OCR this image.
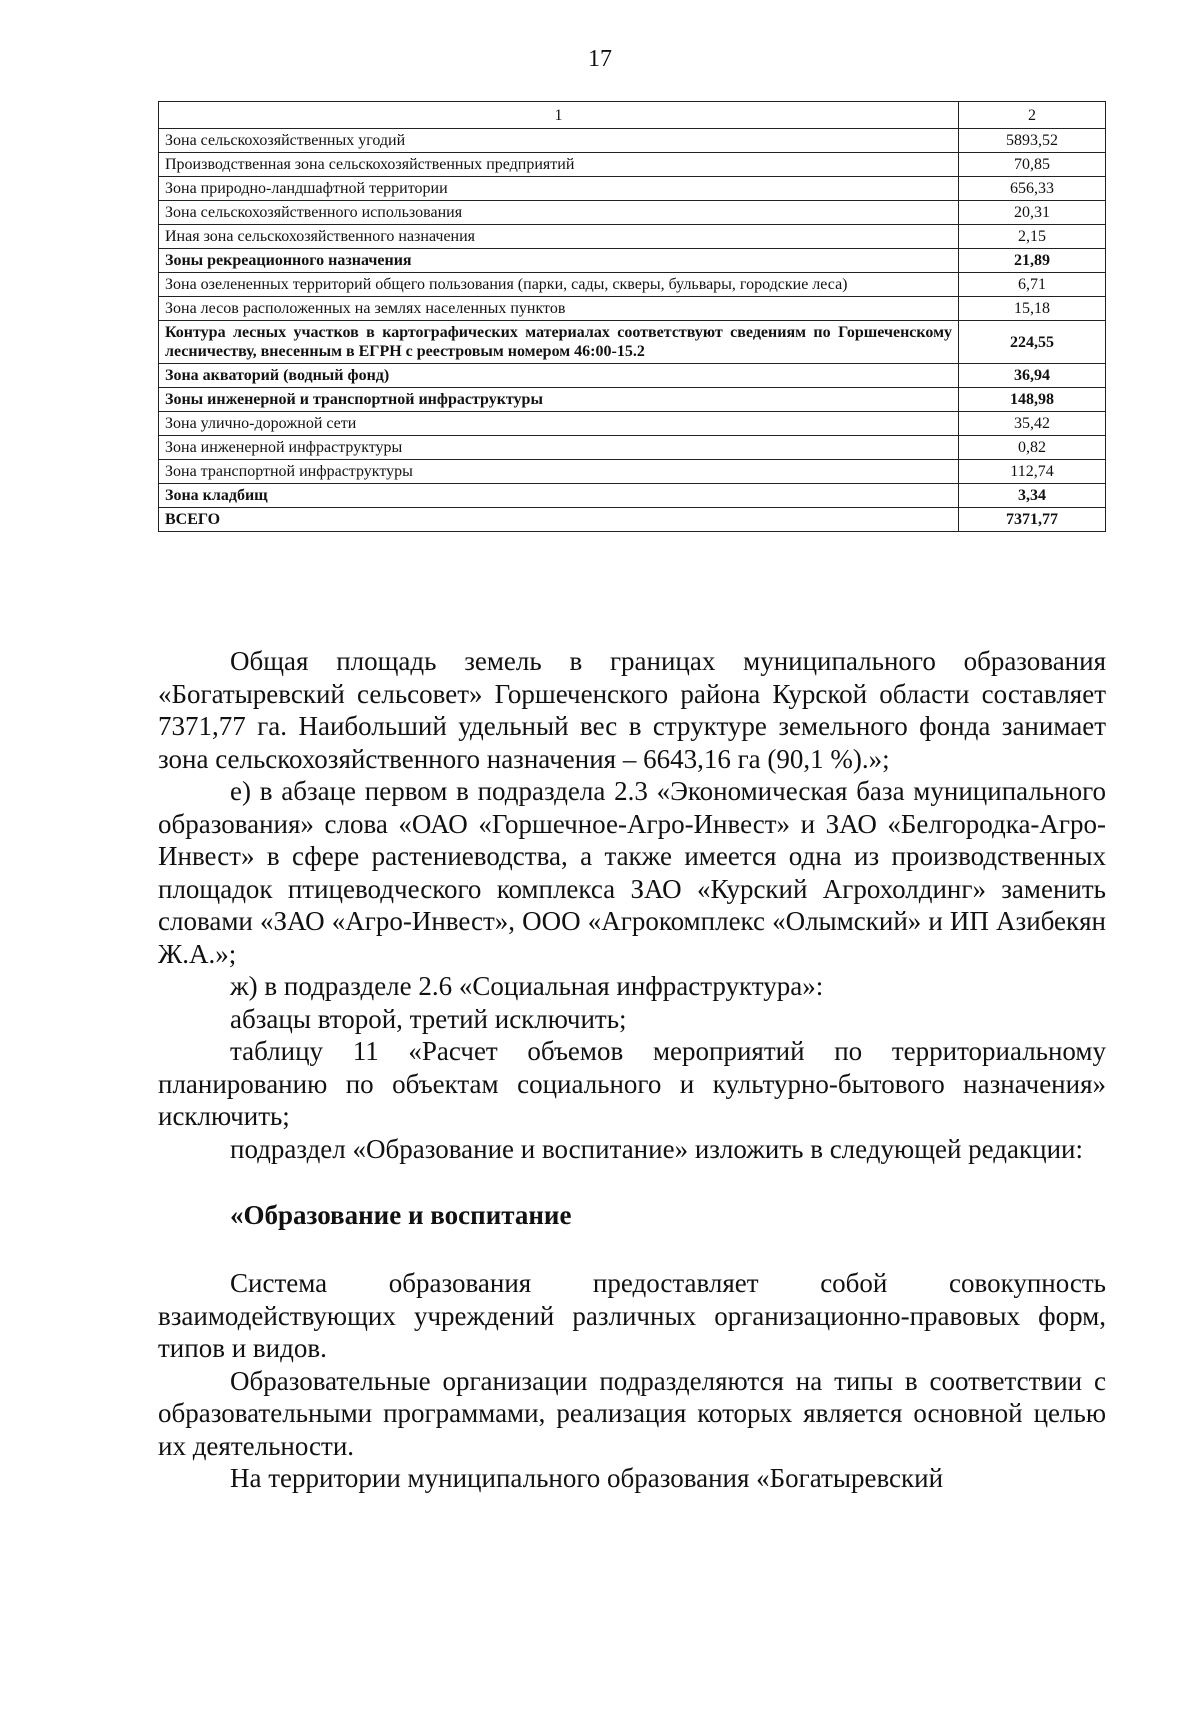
17
1	2
Зона сельскохозяйственных угодий	5893,52
Производственная зона сельскохозяйственных предприятий	70,85
Зона природно-ландшафтной территории	656,33
Зона сельскохозяйственного использования	20,31
Иная зона сельскохозяйственного назначения	2,15
Зоны рекреационного назначения	21,89
Зона озелененных территорий общего пользования (парки, сады, скверы, бульвары, городские леса)	6,71
Зона лесов расположенных на землях населенных пунктов	15,18
Контура лесных участков в картографических материалах соответствуют сведениям по Горшеченскому лесничеству, внесенным в ЕГРН с реестровым номером 46:00-15.2	224,55
Зона акваторий (водный фонд)	36,94
Зоны инженерной и транспортной инфраструктуры	148,98
Зона улично-дорожной сети	35,42
Зона инженерной инфраструктуры	0,82
Зона транспортной инфраструктуры	112,74
Зона кладбищ	3,34
ВСЕГО	7371,77

Общая площадь земель в границах муниципального образования «Богатыревский сельсовет» Горшеченского района Курской области составляет 7371,77 га. Наибольший удельный вес в структуре земельного фонда занимает зона сельскохозяйственного назначения – 6643,16 га (90,1 %).»;

е) в абзаце первом в подраздела 2.3 «Экономическая база муниципального образования» слова «ОАО «Горшечное-Агро-Инвест» и ЗАО «Белгородка-Агро-Инвест» в сфере растениеводства, а также имеется одна из производственных площадок птицеводческого комплекса ЗАО «Курский Агрохолдинг» заменить словами «ЗАО «Агро-Инвест», ООО «Агрокомплекс «Олымский» и ИП Азибекян Ж.А.»;

ж) в подразделе 2.6 «Социальная инфраструктура»:

абзацы второй, третий исключить;

таблицу 11 «Расчет объемов мероприятий по территориальному планированию по объектам социального и культурно-бытового назначения» исключить;

подраздел «Образование и воспитание» изложить в следующей редакции:

«Образование и воспитание

Система образования предоставляет собой совокупность взаимодействующих учреждений различных организационно-правовых форм, типов и видов.

Образовательные организации подразделяются на типы в соответствии с образовательными программами, реализация которых является основной целью их деятельности.

На территории муниципального образования «Богатыревский
